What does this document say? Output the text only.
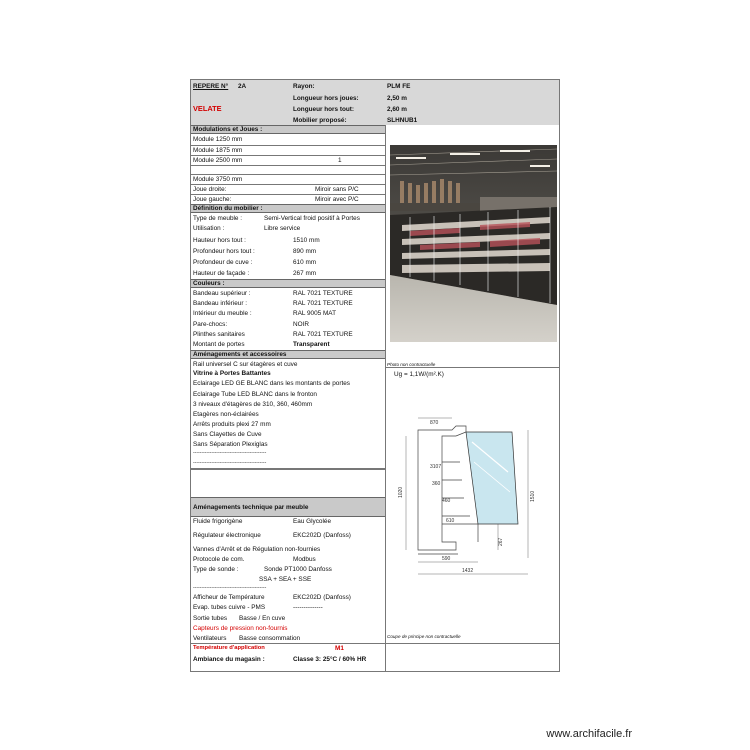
REPERE N° 2A
VELATE
Rayon:	PLM FE
Longueur hors joues:	2,50 m
Longueur hors tout:	2,60 m
Mobilier proposé:	SLHNUB1
Modulations et Joues :
Module 1250 mm
Module 1875 mm
Module 2500 mm	1
Module 3750 mm
Joue droite:	Miroir sans P/C
Joue gauche:	Miroir avec P/C
Définition du mobilier :
Type de meuble :	Semi-Vertical froid positif à Portes
Utilisation :	Libre service
Hauteur hors tout :	1510 mm
Profondeur hors tout :	890 mm
Profondeur de cuve :	610 mm
Hauteur de façade :	267 mm
Couleurs :
Bandeau supérieur :	RAL 7021 TEXTURE
Bandeau inférieur :	RAL 7021 TEXTURE
Intérieur du meuble :	RAL 9005 MAT
Pare-chocs:	NOIR
Plinthes sanitaires	RAL 7021 TEXTURE
Montant de portes	Transparent
Aménagements et accessoires
Rail universel C sur étagères et cuve
Vitrine à Portes Battantes
Eclairage LED GE BLANC dans les montants de portes
Eclairage Tube LED BLANC dans le fronton
3 niveaux d'étagères de 310, 360, 460mm
Etagères non-éclairées
Arrêts produits plexi 27 mm
Sans Clayettes de Cuve
Sans Séparation Plexiglas
--------------------------------------------
--------------------------------------------
Aménagements technique par meuble
Fluide frigorigène	Eau Glycolée
Régulateur électronique	EKC202D (Danfoss)
Vannes d'Arrêt et de Régulation non-fournies
Protocole de com.	Modbus
Type de sonde :	Sonde PT1000 Danfoss
SSA + SEA + SSE
--------------------------------------------
Afficheur de Température	EKC202D (Danfoss)
Evap. tubes cuivre - PMS	--------------
Sortie tubes Basse / En cuve
Capteurs de pression non-fournis
Ventilateurs Basse consommation
Température d'application	M1
Ambiance du magasin :	Classe 3: 25°C / 60% HR
Photo non contractuelle
Ug = 1,1W/(m².K)
Coupe de principe non contractuelle
870
3107
360
460
610
590
1432
1020
267
1510
www.archifacile.fr
